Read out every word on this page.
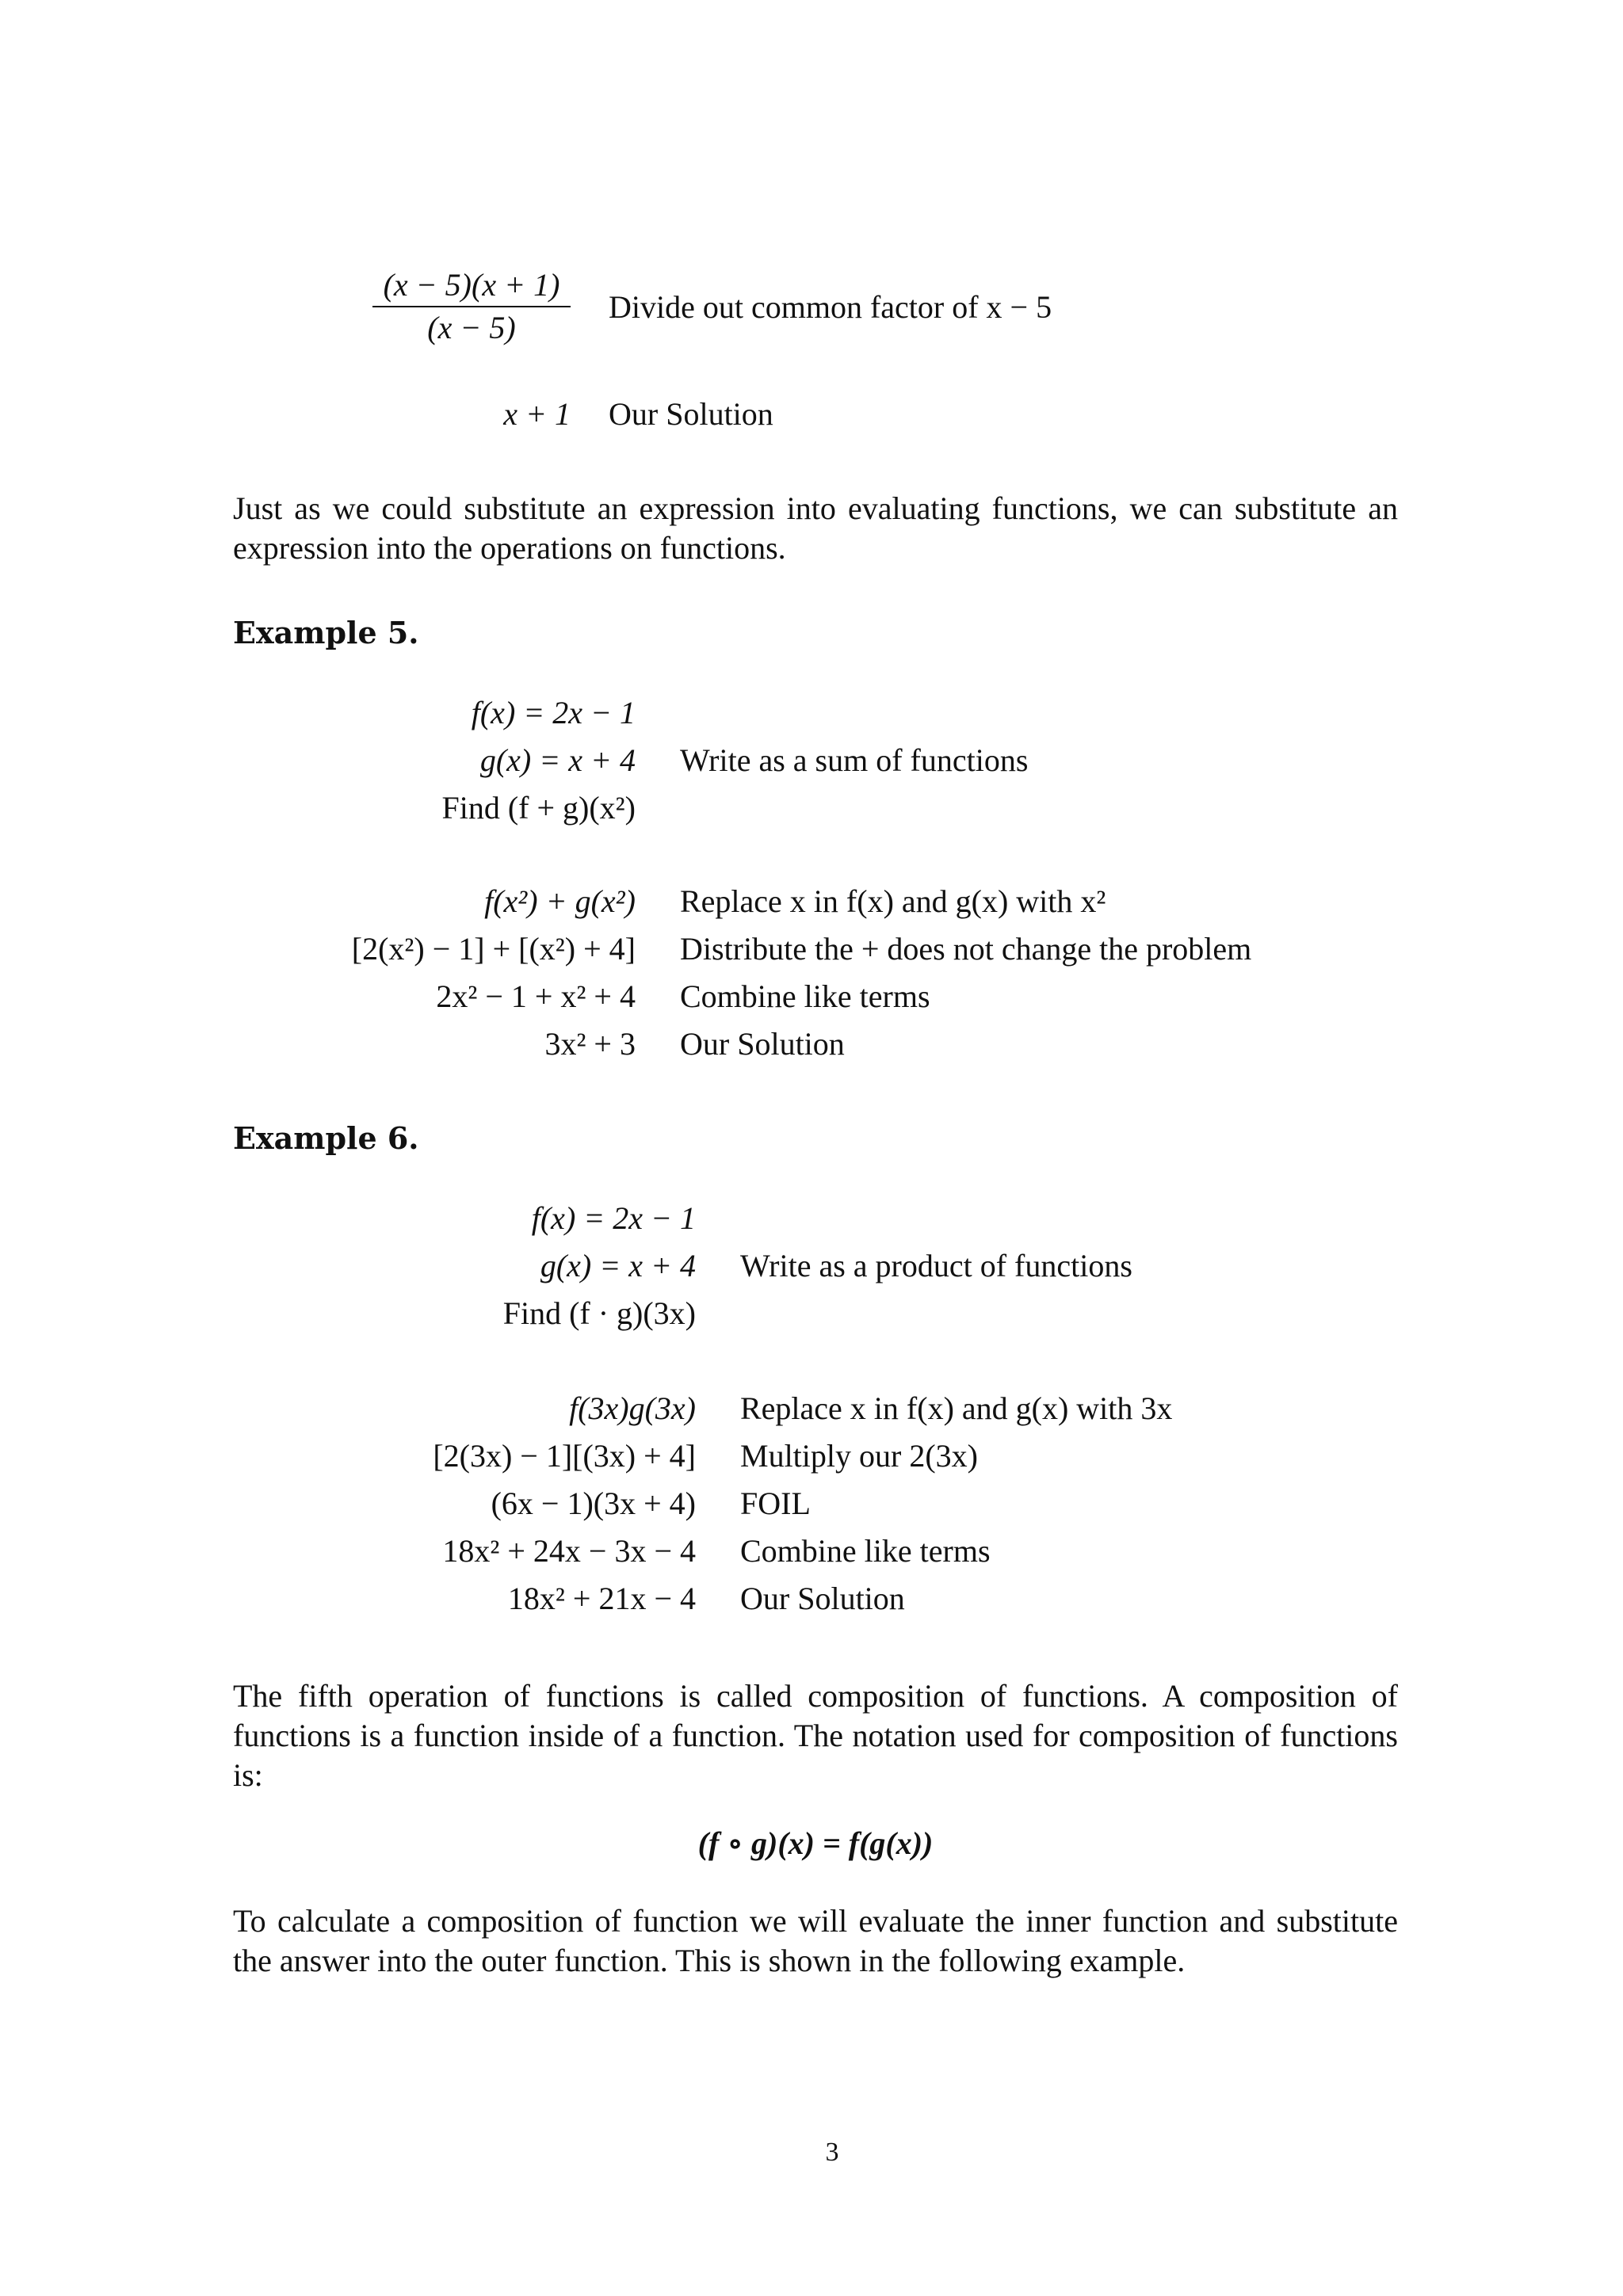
(x − 5)(x + 1)
(x − 5)
Divide out common factor of x − 5
x + 1 Our Solution
Just as we could substitute an expression into evaluating functions, we can substitute an expression into the operations on functions.
Example 5.
f(x) = 2x − 1
g(x) = x + 4 Write as a sum of functions
Find (f + g)(x²)
f(x²) + g(x²) Replace x in f(x) and g(x) with x²
[2(x²) − 1] + [(x²) + 4] Distribute the + does not change the problem
2x² − 1 + x² + 4 Combine like terms
3x² + 3 Our Solution
Example 6.
f(x) = 2x − 1
g(x) = x + 4 Write as a product of functions
Find (f · g)(3x)
f(3x)g(3x) Replace x in f(x) and g(x) with 3x
[2(3x) − 1][(3x) + 4] Multiply our 2(3x)
(6x − 1)(3x + 4) FOIL
18x² + 24x − 3x − 4 Combine like terms
18x² + 21x − 4 Our Solution
The fifth operation of functions is called composition of functions. A composition of functions is a function inside of a function. The notation used for composition of functions is:
(f ∘ g)(x) = f(g(x))
To calculate a composition of function we will evaluate the inner function and substitute the answer into the outer function. This is shown in the following example.
3
